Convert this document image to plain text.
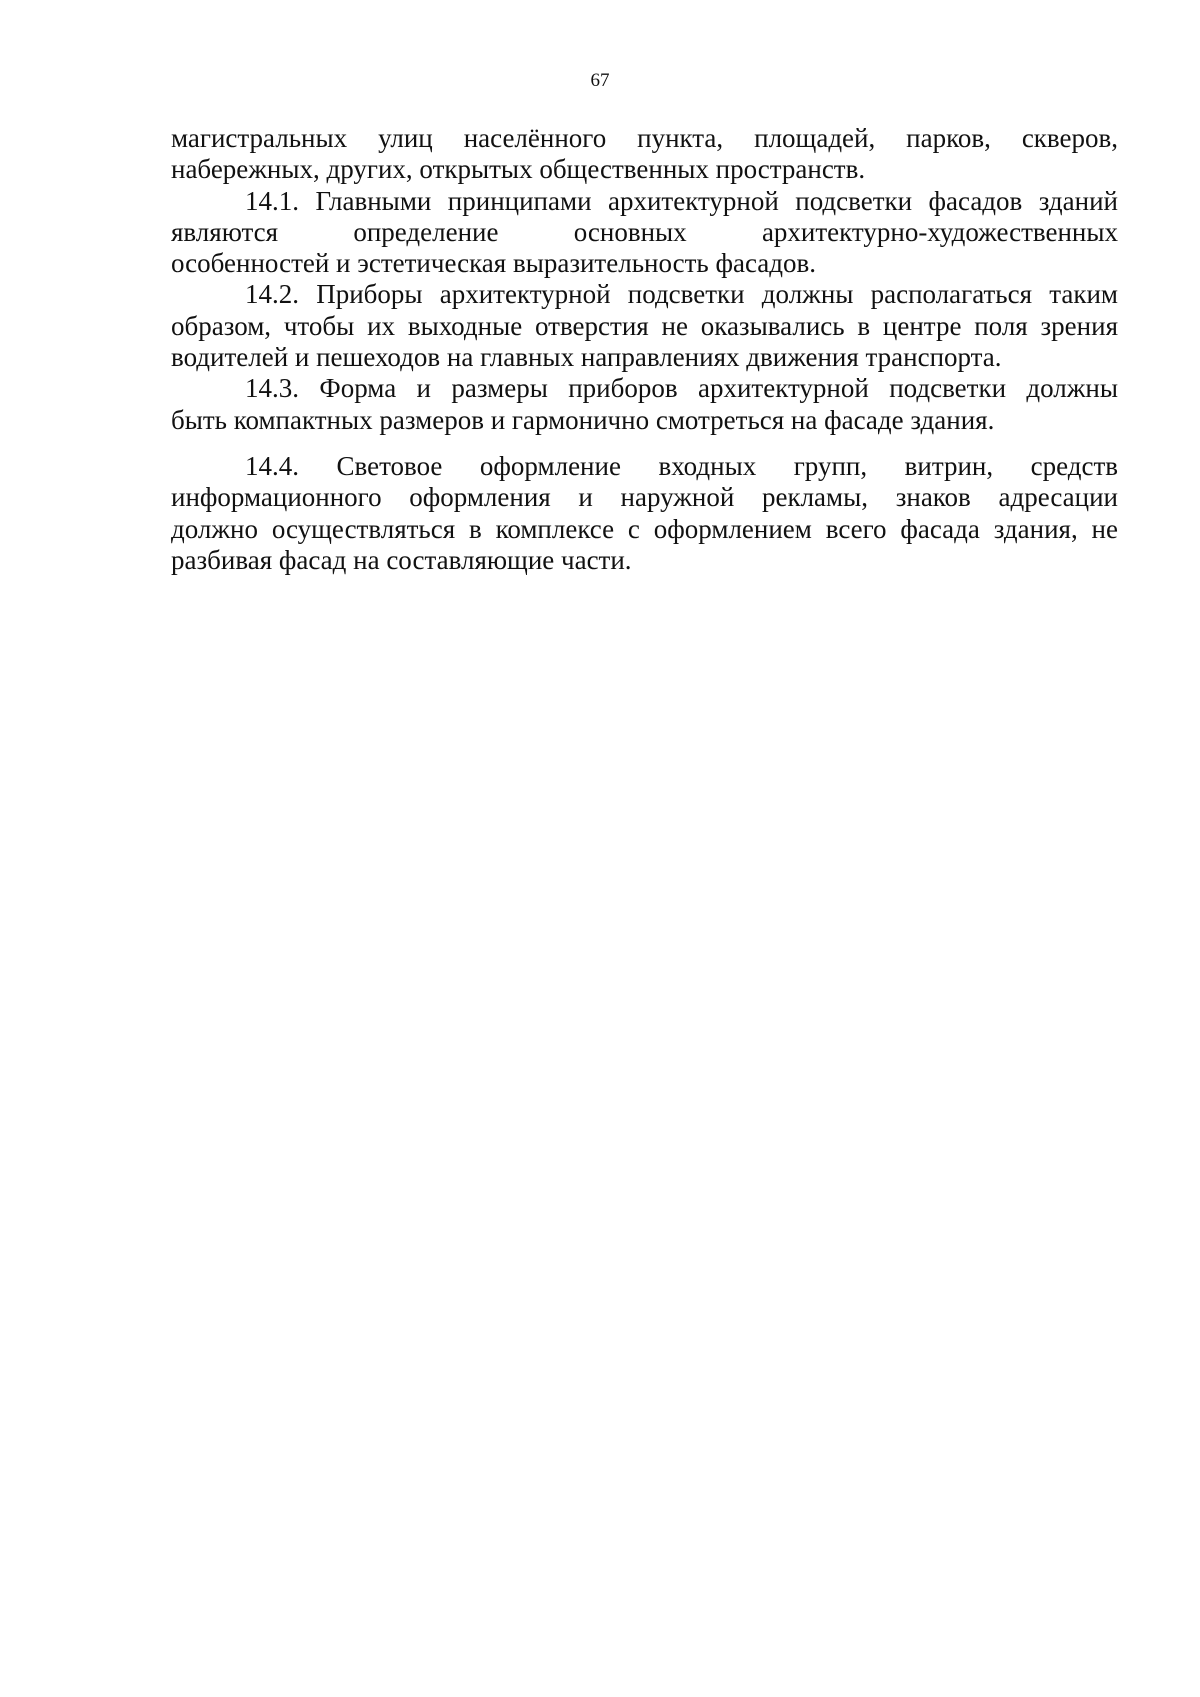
67

магистральных улиц населённого пункта, площадей, парков, скверов,
набережных, других, открытых общественных пространств.

14.1. Главными принципами архитектурной подсветки фасадов зданий
являются определение основных архитектурно-художественных
особенностей и эстетическая выразительность фасадов.

14.2. Приборы архитектурной подсветки должны располагаться таким
образом, чтобы их выходные отверстия не оказывались в центре поля зрения
водителей и пешеходов на главных направлениях движения транспорта.

14.3. Форма и размеры приборов архитектурной подсветки должны
быть компактных размеров и гармонично смотреться на фасаде здания.

14.4. Световое оформление входных групп, витрин, средств
информационного оформления и наружной рекламы, знаков адресации
должно осуществляться в комплексе с оформлением всего фасада здания, не
разбивая фасад на составляющие части.
